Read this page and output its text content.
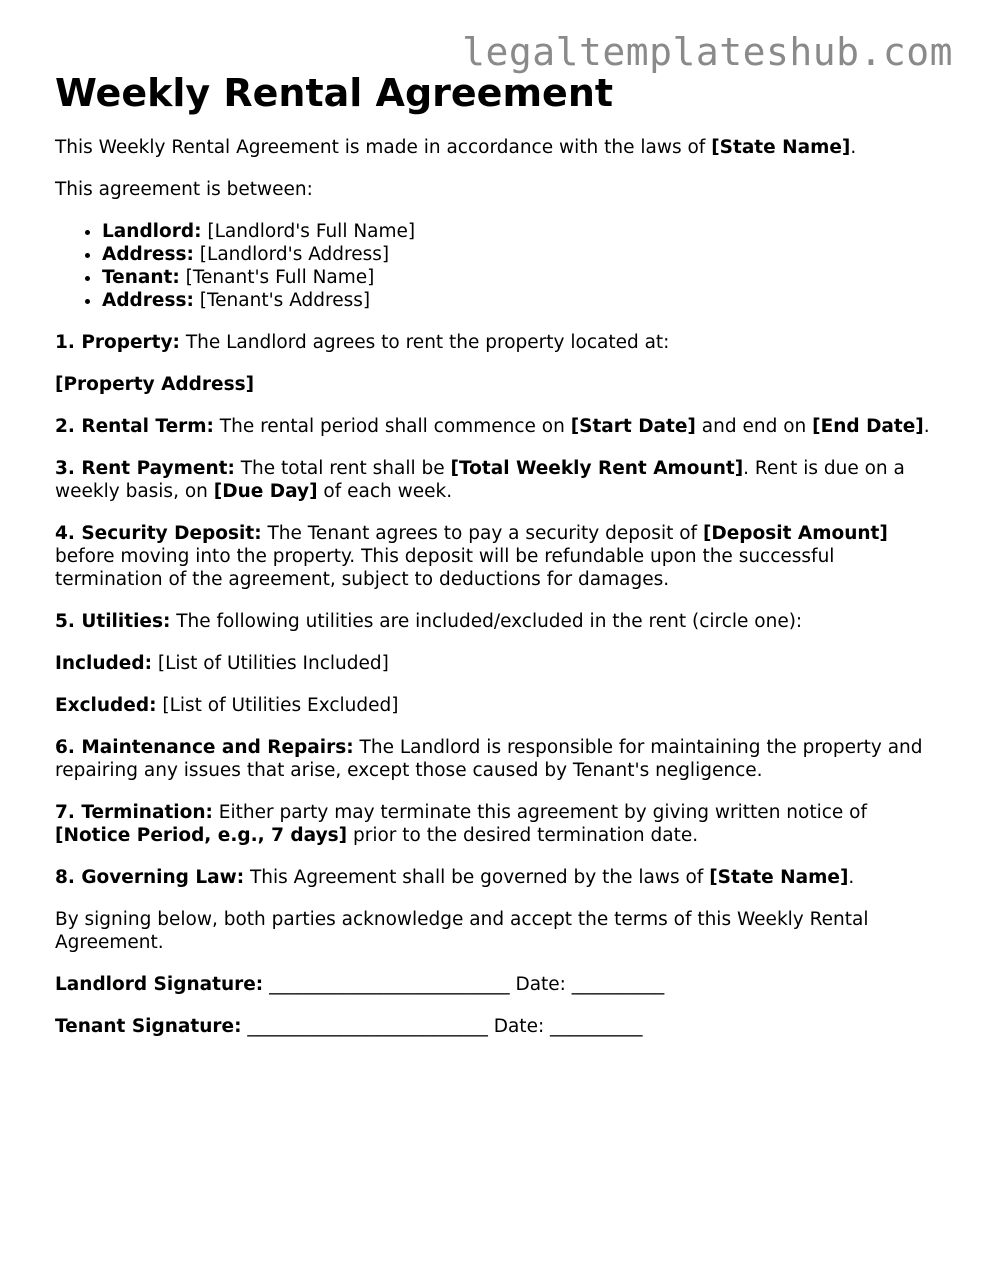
legaltemplateshub.com
Weekly Rental Agreement

This Weekly Rental Agreement is made in accordance with the laws of [State Name].

This agreement is between:

• Landlord: [Landlord's Full Name]
• Address: [Landlord's Address]
• Tenant: [Tenant's Full Name]
• Address: [Tenant's Address]

1. Property: The Landlord agrees to rent the property located at:

[Property Address]

2. Rental Term: The rental period shall commence on [Start Date] and end on [End Date].

3. Rent Payment: The total rent shall be [Total Weekly Rent Amount]. Rent is due on a weekly basis, on [Due Day] of each week.

4. Security Deposit: The Tenant agrees to pay a security deposit of [Deposit Amount] before moving into the property. This deposit will be refundable upon the successful termination of the agreement, subject to deductions for damages.

5. Utilities: The following utilities are included/excluded in the rent (circle one):

Included: [List of Utilities Included]

Excluded: [List of Utilities Excluded]

6. Maintenance and Repairs: The Landlord is responsible for maintaining the property and repairing any issues that arise, except those caused by Tenant's negligence.

7. Termination: Either party may terminate this agreement by giving written notice of [Notice Period, e.g., 7 days] prior to the desired termination date.

8. Governing Law: This Agreement shall be governed by the laws of [State Name].

By signing below, both parties acknowledge and accept the terms of this Weekly Rental Agreement.

Landlord Signature: __________________________ Date: __________

Tenant Signature: __________________________ Date: __________
